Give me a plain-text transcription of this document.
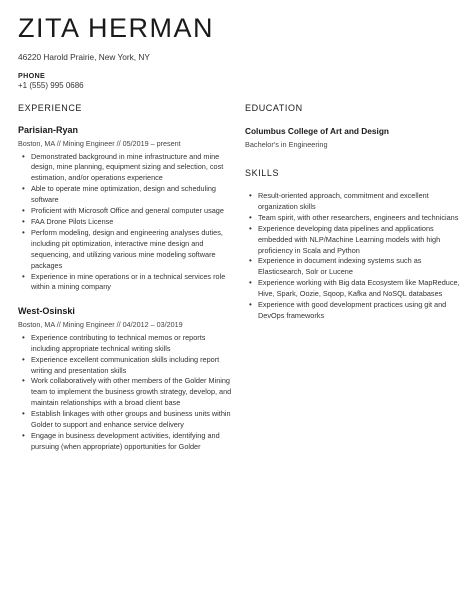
ZITA HERMAN
46220 Harold Prairie, New York, NY
PHONE
+1 (555) 995 0686
EXPERIENCE
Parisian-Ryan
Boston, MA // Mining Engineer // 05/2019 – present
• Demonstrated background in mine infrastructure and mine design, mine planning, equipment sizing and selection, cost estimation, and/or operations experience
• Able to operate mine optimization, design and scheduling software
• Proficient with Microsoft Office and general computer usage
• FAA Drone Pilots License
• Perform modeling, design and engineering analyses duties, including pit optimization, interactive mine design and sequencing, and utilizing various mine modeling software packages
• Experience in mine operations or in a technical services role within a mining company
West-Osinski
Boston, MA // Mining Engineer // 04/2012 – 03/2019
• Experience contributing to technical memos or reports including appropriate technical writing skills
• Experience excellent communication skills including report writing and presentation skills
• Work collaboratively with other members of the Golder Mining team to implement the business growth strategy, develop, and maintain relationships with a broad client base
• Establish linkages with other groups and business units within Golder to support and enhance service delivery
• Engage in business development activities, identifying and pursuing (when appropriate) opportunities for Golder
EDUCATION
Columbus College of Art and Design
Bachelor's in Engineering
SKILLS
• Result-oriented approach, commitment and excellent organization skills
• Team spirit, with other researchers, engineers and technicians
• Experience developing data pipelines and applications embedded with NLP/Machine Learning models with high proficiency in Scala and Python
• Experience in document indexing systems such as Elasticsearch, Solr or Lucene
• Experience working with Big data Ecosystem like MapReduce, Hive, Spark, Oozie, Sqoop, Kafka and NoSQL databases
• Experience with good development practices using git and DevOps frameworks
